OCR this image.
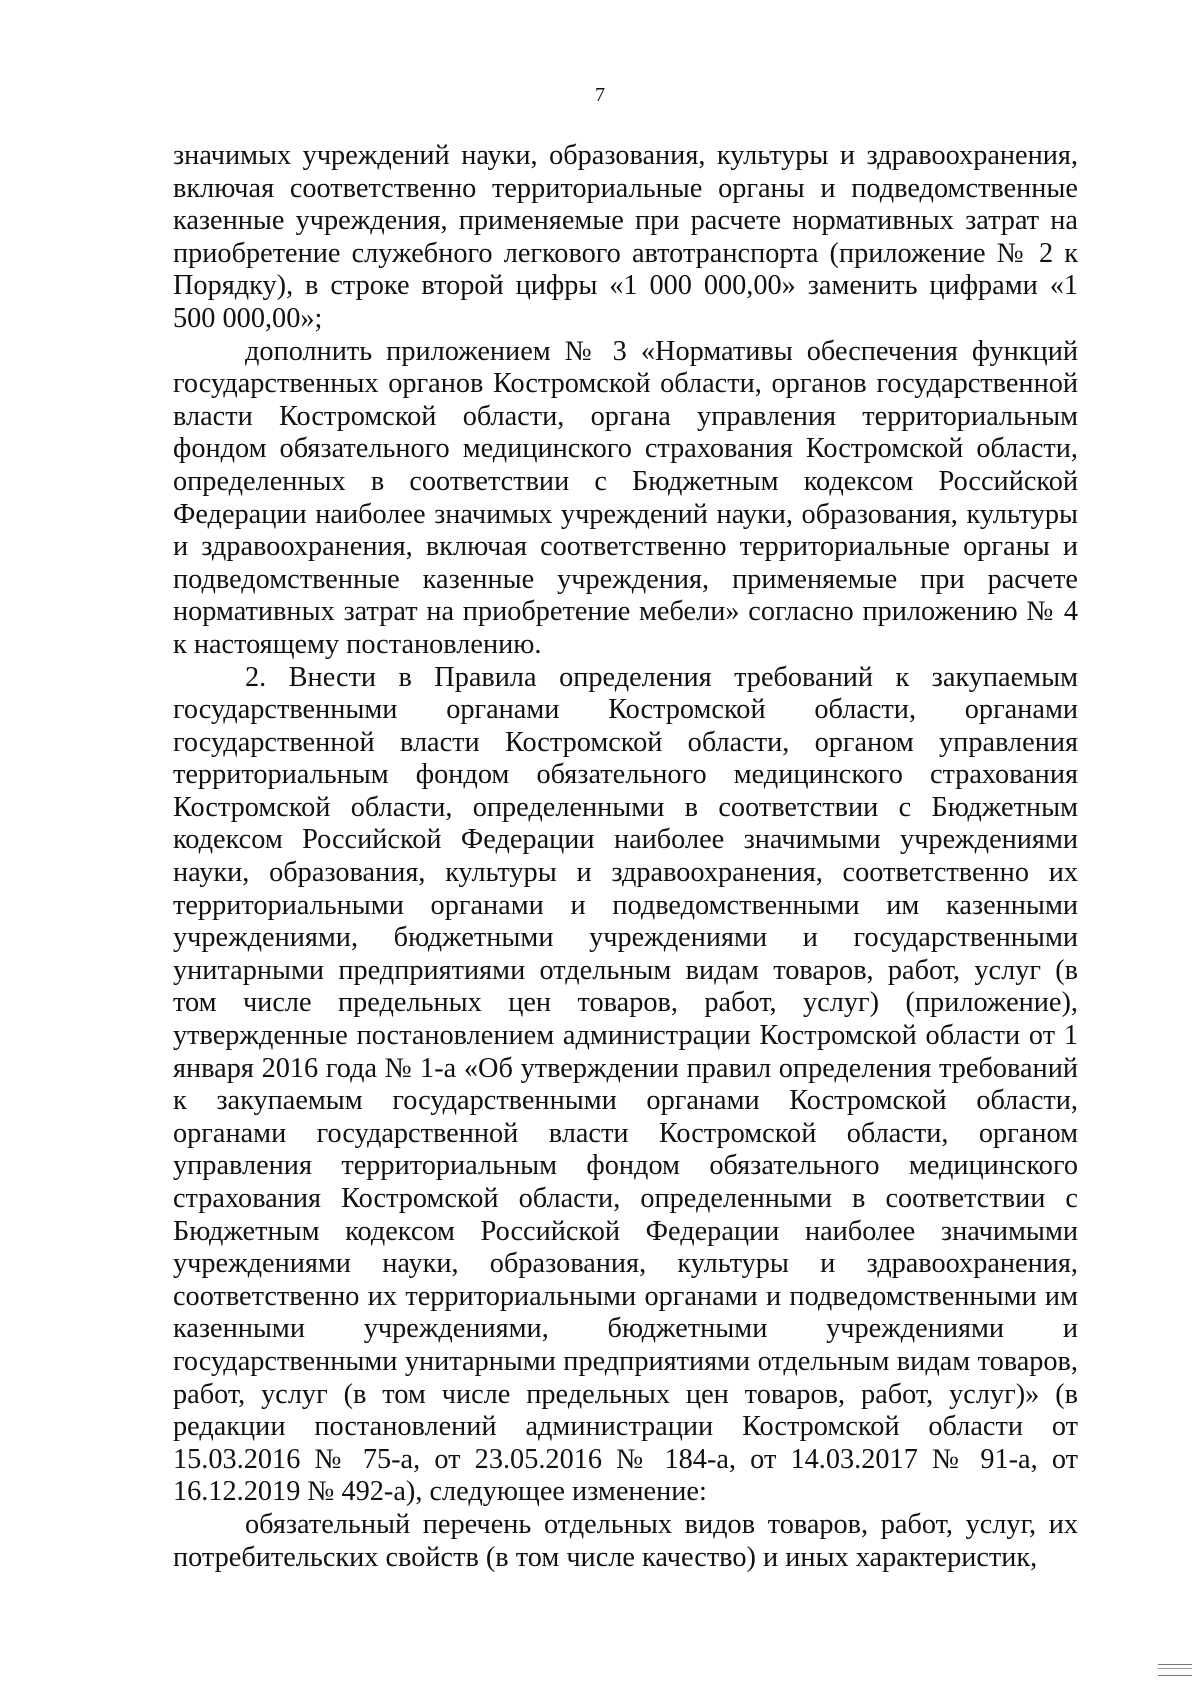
7

значимых учреждений науки, образования, культуры и здравоохранения, включая соответственно территориальные органы и подведомственные казенные учреждения, применяемые при расчете нормативных затрат на приобретение служебного легкового автотранспорта (приложение № 2 к Порядку), в строке второй цифры «1 000 000,00» заменить цифрами «1 500 000,00»;

дополнить приложением № 3 «Нормативы обеспечения функций государственных органов Костромской области, органов государственной власти Костромской области, органа управления территориальным фондом обязательного медицинского страхования Костромской области, определенных в соответствии с Бюджетным кодексом Российской Федерации наиболее значимых учреждений науки, образования, культуры и здравоохранения, включая соответственно территориальные органы и подведомственные казенные учреждения, применяемые при расчете нормативных затрат на приобретение мебели» согласно приложению № 4 к настоящему постановлению.

2. Внести в Правила определения требований к закупаемым государственными органами Костромской области, органами государственной власти Костромской области, органом управления территориальным фондом обязательного медицинского страхования Костромской области, определенными в соответствии с Бюджетным кодексом Российской Федерации наиболее значимыми учреждениями науки, образования, культуры и здравоохранения, соответственно их территориальными органами и подведомственными им казенными учреждениями, бюджетными учреждениями и государственными унитарными предприятиями отдельным видам товаров, работ, услуг (в том числе предельных цен товаров, работ, услуг) (приложение), утвержденные постановлением администрации Костромской области от 1 января 2016 года № 1-а «Об утверждении правил определения требований к закупаемым государственными органами Костромской области, органами государственной власти Костромской области, органом управления территориальным фондом обязательного медицинского страхования Костромской области, определенными в соответствии с Бюджетным кодексом Российской Федерации наиболее значимыми учреждениями науки, образования, культуры и здравоохранения, соответственно их территориальными органами и подведомственными им казенными учреждениями, бюджетными учреждениями и государственными унитарными предприятиями отдельным видам товаров, работ, услуг (в том числе предельных цен товаров, работ, услуг)» (в редакции постановлений администрации Костромской области от 15.03.2016 № 75-а, от 23.05.2016 № 184-а, от 14.03.2017 № 91-а, от 16.12.2019 № 492-а), следующее изменение:

обязательный перечень отдельных видов товаров, работ, услуг, их потребительских свойств (в том числе качество) и иных характеристик,
